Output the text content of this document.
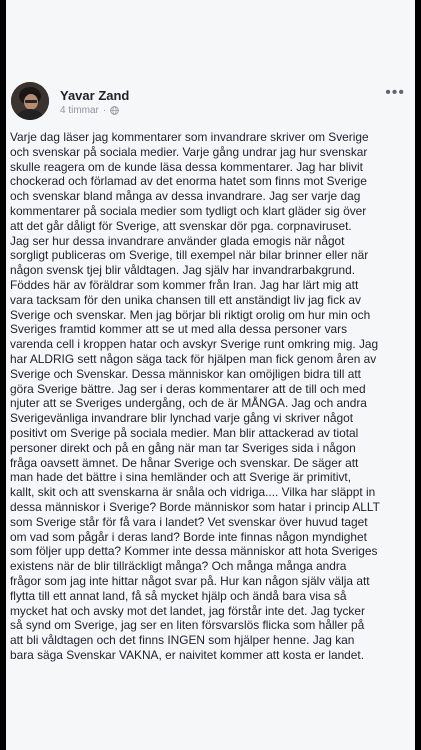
Yavar Zand
4 timmar ·
•••

Varje dag läser jag kommentarer som invandrare skriver om Sverige
och svenskar på sociala medier. Varje gång undrar jag hur svenskar
skulle reagera om de kunde läsa dessa kommentarer. Jag har blivit
chockerad och förlamad av det enorma hatet som finns mot Sverige
och svenskar bland många av dessa invandrare. Jag ser varje dag
kommentarer på sociala medier som tydligt och klart gläder sig över
att det går dåligt för Sverige, att svenskar dör pga. corpnaviruset.
Jag ser hur dessa invandrare använder glada emogis när något
sorgligt publiceras om Sverige, till exempel när bilar brinner eller när
någon svensk tjej blir våldtagen. Jag själv har invandrarbakgrund.
Föddes här av föräldrar som kommer från Iran. Jag har lärt mig att
vara tacksam för den unika chansen till ett anständigt liv jag fick av
Sverige och svenskar. Men jag börjar bli riktigt orolig om hur min och
Sveriges framtid kommer att se ut med alla dessa personer vars
varenda cell i kroppen hatar och avskyr Sverige runt omkring mig. Jag
har ALDRIG sett någon säga tack för hjälpen man fick genom åren av
Sverige och Svenskar. Dessa människor kan omöjligen bidra till att
göra Sverige bättre. Jag ser i deras kommentarer att de till och med
njuter att se Sveriges undergång, och de är MÅNGA. Jag och andra
Sverigevänliga invandrare blir lynchad varje gång vi skriver något
positivt om Sverige på sociala medier. Man blir attackerad av tiotal
personer direkt och på en gång när man tar Sveriges sida i någon
fråga oavsett ämnet. De hånar Sverige och svenskar. De säger att
man hade det bättre i sina hemländer och att Sverige är primitivt,
kallt, skit och att svenskarna är snåla och vidriga.... Vilka har släppt in
dessa människor i Sverige? Borde människor som hatar i princip ALLT
som Sverige står för få vara i landet? Vet svenskar över huvud taget
om vad som pågår i deras land? Borde inte finnas någon myndighet
som följer upp detta? Kommer inte dessa människor att hota Sveriges
existens när de blir tillräckligt många? Och många många andra
frågor som jag inte hittar något svar på. Hur kan någon själv välja att
flytta till ett annat land, få så mycket hjälp och ändå bara visa så
mycket hat och avsky mot det landet, jag förstår inte det. Jag tycker
så synd om Sverige, jag ser en liten försvarslös flicka som håller på
att bli våldtagen och det finns INGEN som hjälper henne. Jag kan
bara säga Svenskar VAKNA, er naivitet kommer att kosta er landet.
